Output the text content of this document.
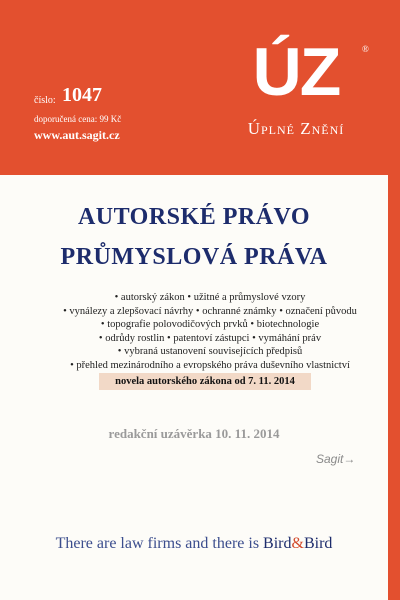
číslo: 1047
doporučená cena: 99 Kč
www.aut.sagit.cz
ÚZ	®
Úplné Znění
AUTORSKÉ PRÁVO
PRŮMYSLOVÁ PRÁVA
• autorský zákon • užitné a průmyslové vzory
• vynálezy a zlepšovací návrhy • ochranné známky • označení původu
• topografie polovodičových prvků • biotechnologie
• odrůdy rostlin • patentoví zástupci • vymáhání práv
• vybraná ustanovení souvisejících předpisů
• přehled mezinárodního a evropského práva duševního vlastnictví
novela autorského zákona od 7. 11. 2014
redakční uzávěrka 10. 11. 2014
Sagit→
There are law firms and there is Bird&Bird
